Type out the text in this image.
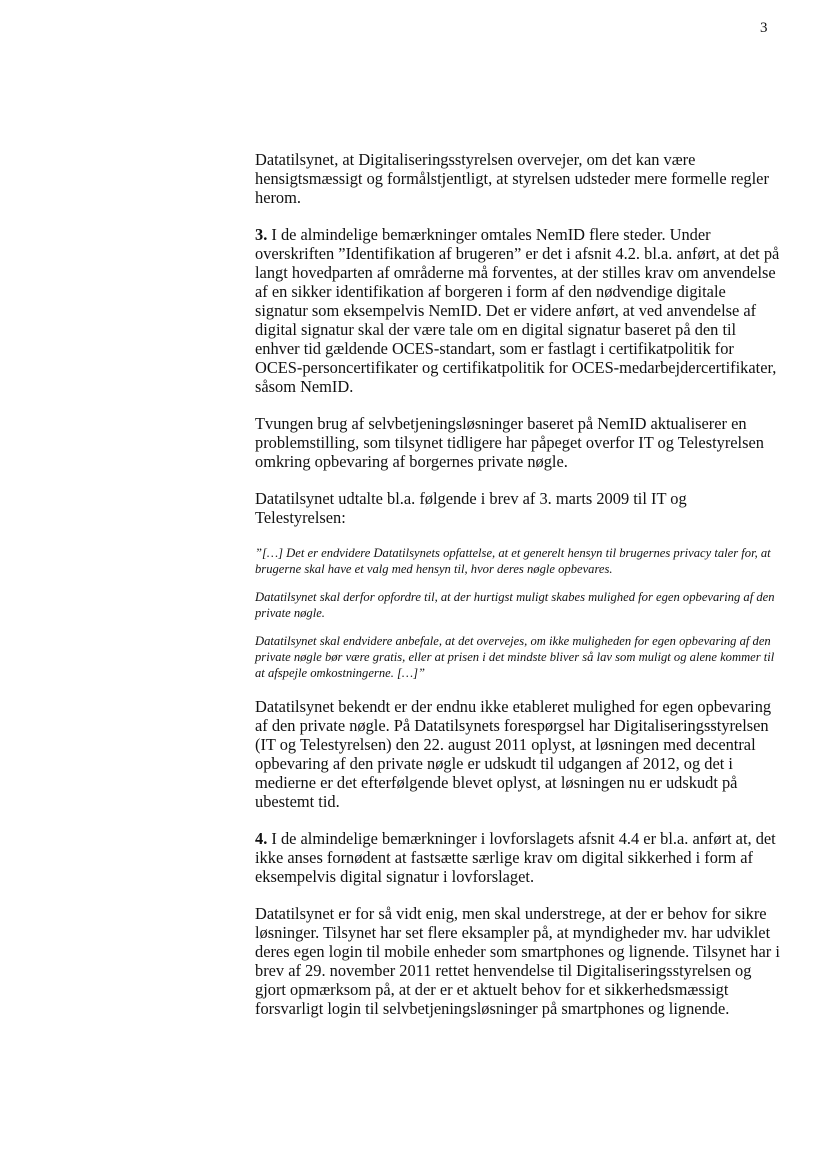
3

Datatilsynet, at Digitaliseringsstyrelsen overvejer, om det kan være hensigtsmæssigt og formålstjentligt, at styrelsen udsteder mere formelle regler herom.

3. I de almindelige bemærkninger omtales NemID flere steder. Under overskriften ”Identifikation af brugeren” er det i afsnit 4.2. bl.a. anført, at det på langt hovedparten af områderne må forventes, at der stilles krav om anvendelse af en sikker identifikation af borgeren i form af den nødvendige digitale signatur som eksempelvis NemID. Det er videre anført, at ved anvendelse af digital signatur skal der være tale om en digital signatur baseret på den til enhver tid gældende OCES-standart, som er fastlagt i certifikatpolitik for OCES-personcertifikater og certifikatpolitik for OCES-medarbejdercertifikater, såsom NemID.

Tvungen brug af selvbetjeningsløsninger baseret på NemID aktualiserer en problemstilling, som tilsynet tidligere har påpeget overfor IT og Telestyrelsen omkring opbevaring af borgernes private nøgle.

Datatilsynet udtalte bl.a. følgende i brev af 3. marts 2009 til IT og Telestyrelsen:

”[…] Det er endvidere Datatilsynets opfattelse, at et generelt hensyn til brugernes privacy taler for, at brugerne skal have et valg med hensyn til, hvor deres nøgle opbevares.

Datatilsynet skal derfor opfordre til, at der hurtigst muligt skabes mulighed for egen opbevaring af den private nøgle.

Datatilsynet skal endvidere anbefale, at det overvejes, om ikke muligheden for egen opbevaring af den private nøgle bør være gratis, eller at prisen i det mindste bliver så lav som muligt og alene kommer til at afspejle omkostningerne. […]”

Datatilsynet bekendt er der endnu ikke etableret mulighed for egen opbevaring af den private nøgle. På Datatilsynets forespørgsel har Digitaliseringsstyrelsen (IT og Telestyrelsen) den 22. august 2011 oplyst, at løsningen med decentral opbevaring af den private nøgle er udskudt til udgangen af 2012, og det i medierne er det efterfølgende blevet oplyst, at løsningen nu er udskudt på ubestemt tid.

4. I de almindelige bemærkninger i lovforslagets afsnit 4.4 er bl.a. anført at, det ikke anses fornødent at fastsætte særlige krav om digital sikkerhed i form af eksempelvis digital signatur i lovforslaget.

Datatilsynet er for så vidt enig, men skal understrege, at der er behov for sikre løsninger. Tilsynet har set flere eksampler på, at myndigheder mv. har udviklet deres egen login til mobile enheder som smartphones og lignende. Tilsynet har i brev af 29. november 2011 rettet henvendelse til Digitaliseringsstyrelsen og gjort opmærksom på, at der er et aktuelt behov for et sikkerhedsmæssigt forsvarligt login til selvbetjeningsløsninger på smartphones og lignende.
